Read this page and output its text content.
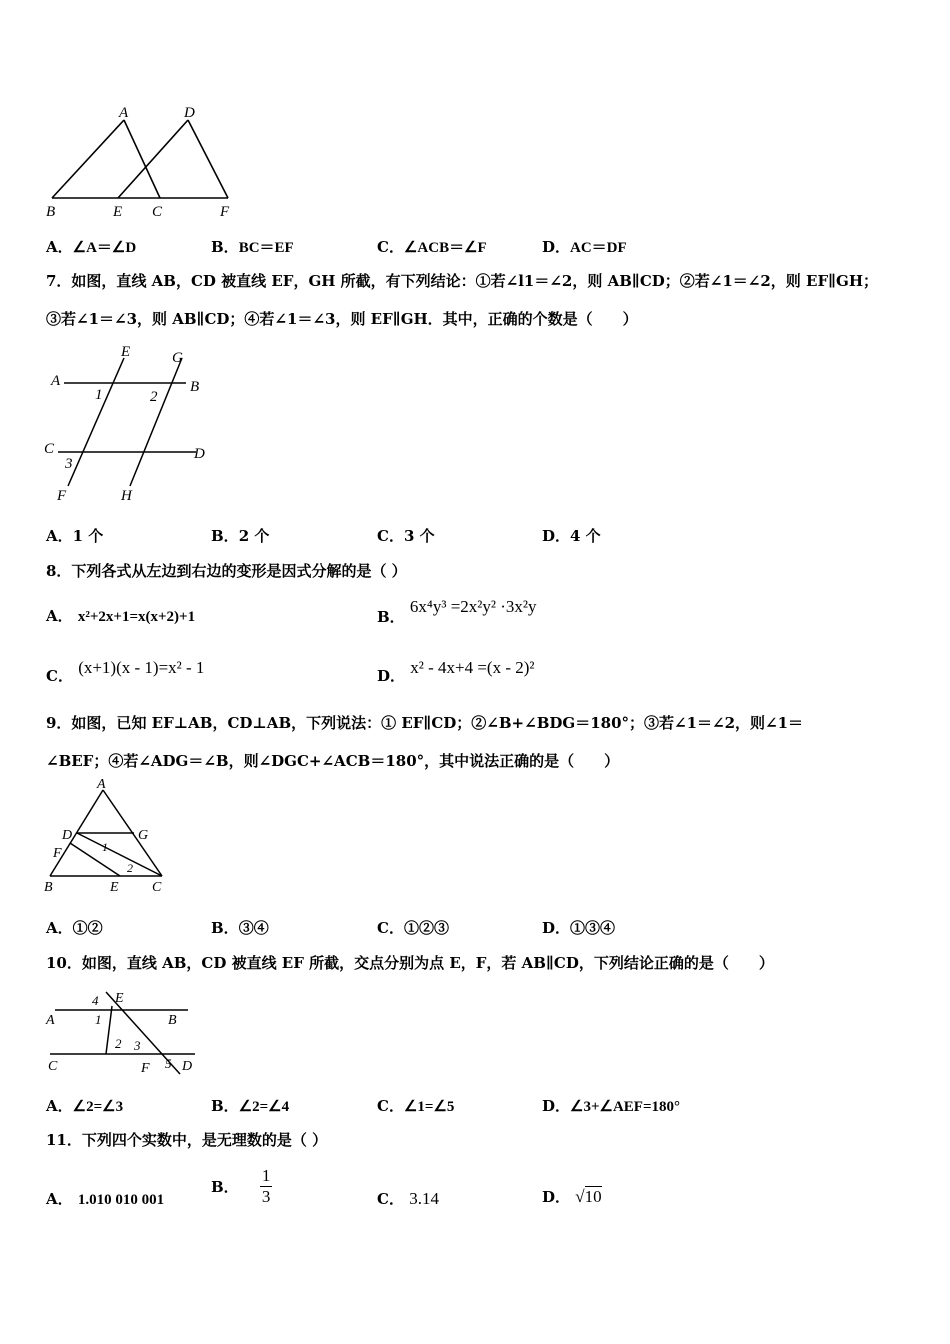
A	D
B	E C	F
A．∠A＝∠D	B．BC＝EF	C．∠ACB＝∠F	D．AC＝DF
7．如图，直线 AB，CD 被直线 EF，GH 所截，有下列结论：①若∠l1＝∠2，则 AB∥CD；②若∠1＝∠2，则 EF∥GH；
③若∠1＝∠3，则 AB∥CD；④若∠1＝∠3，则 EF∥GH．其中，正确的个数是（　　）
E	G
A	B
1	2
C	D
3
F	H
A．1 个	B．2 个	C．3 个	D．4 个
8．下列各式从左边到右边的变形是因式分解的是（ ）
A． x²+2x+1=x(x+2)+1	B． 6x⁴y³ =2x²y² ·3x²y
C． (x+1)(x - 1)=x² - 1	D． x² - 4x+4 =(x - 2)²
9．如图，已知 EF⊥AB，CD⊥AB，下列说法：① EF∥CD；②∠B+∠BDG＝180°；③若∠1＝∠2，则∠1＝
∠BEF；④若∠ADG＝∠B，则∠DGC+∠ACB＝180°，其中说法正确的是（　　）
A
D	G
F	1
2
B	E C
A．①②	B．③④	C．①②③	D．①③④
10．如图，直线 AB，CD 被直线 EF 所截，交点分别为点 E，F，若 AB∥CD，下列结论正确的是（　　）
4 E
A	1	B
2 3
C	F 5 D
A．∠2=∠3	B．∠2=∠4	C．∠1=∠5	D．∠3+∠AEF=180°
11．下列四个实数中，是无理数的是（ ）
A． 1.010 010 001
B． $\frac{1}{3}$	C． 3.14	D． √10
